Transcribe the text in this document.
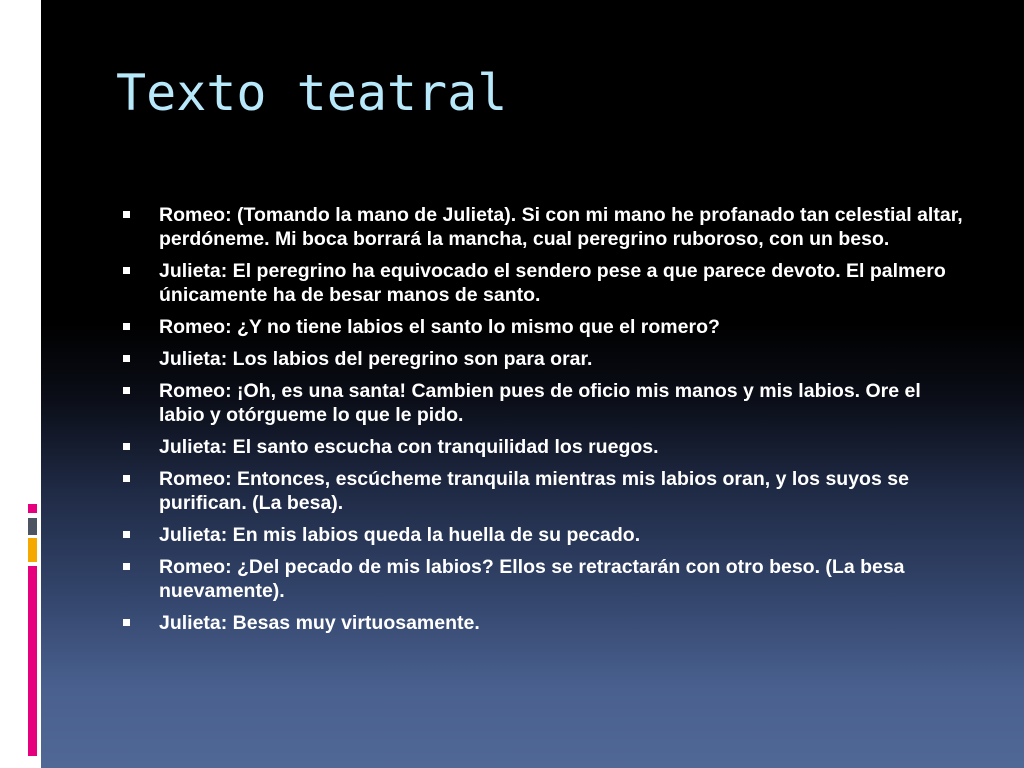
Texto teatral
Romeo: (Tomando la mano de Julieta). Si con mi mano he profanado tan celestial altar, perdóneme. Mi boca borrará la mancha, cual peregrino ruboroso, con un beso.
Julieta: El peregrino ha equivocado el sendero pese a que parece devoto. El palmero únicamente ha de besar manos de santo.
Romeo: ¿Y no tiene labios el santo lo mismo que el romero?
Julieta: Los labios del peregrino son para orar.
Romeo: ¡Oh, es una santa! Cambien pues de oficio mis manos y mis labios. Ore el labio y otórgueme lo que le pido.
Julieta: El santo escucha con tranquilidad los ruegos.
Romeo: Entonces, escúcheme tranquila mientras mis labios oran, y los suyos se purifican. (La besa).
Julieta: En mis labios queda la huella de su pecado.
Romeo: ¿Del pecado de mis labios? Ellos se retractarán con otro beso. (La besa nuevamente).
Julieta: Besas muy virtuosamente.
